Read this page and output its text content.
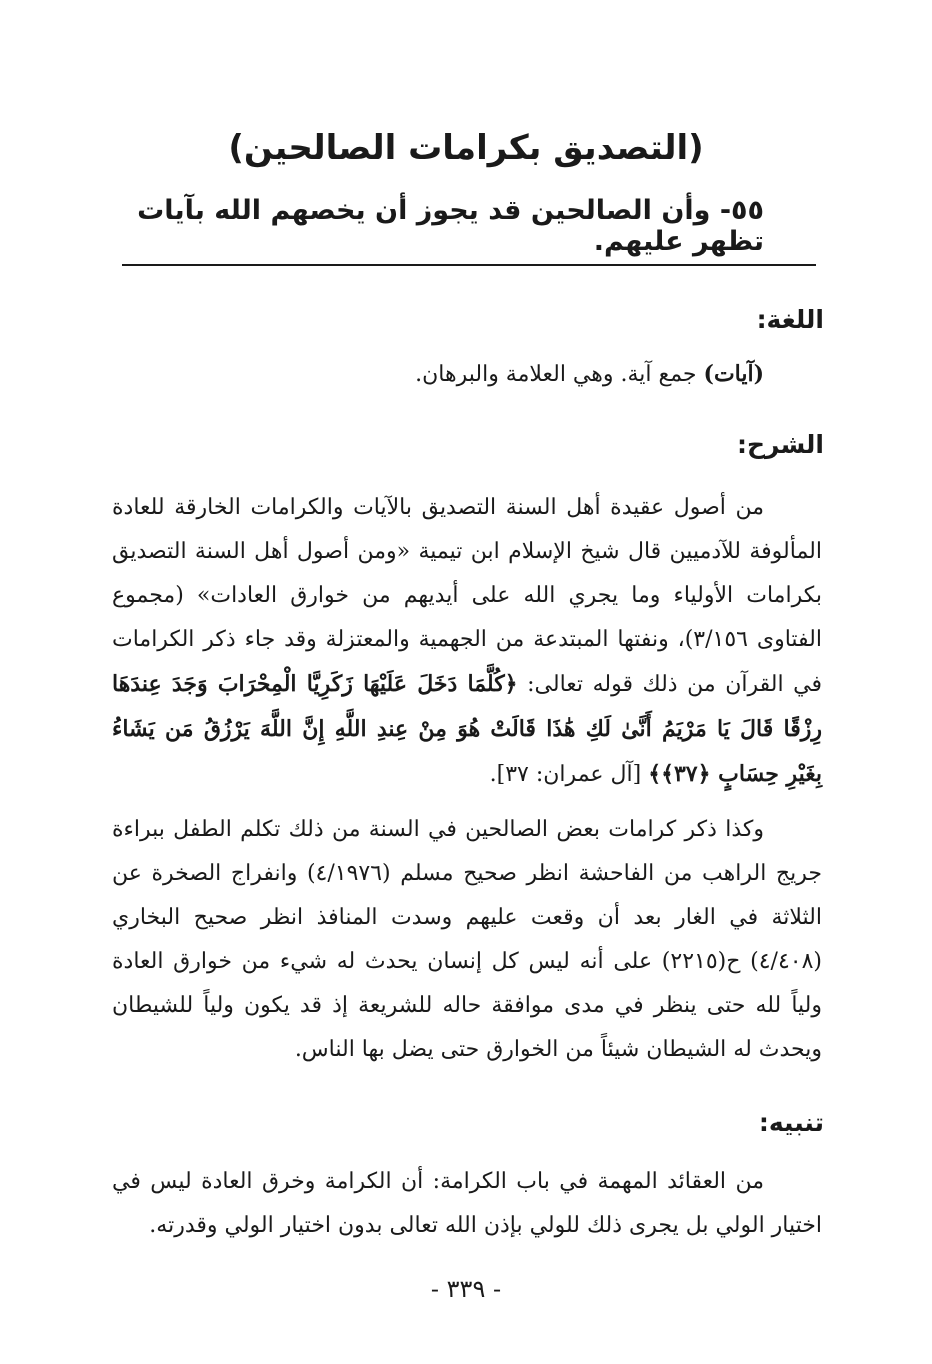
(التصديق بكرامات الصالحين)
٥٥- وأن الصالحين قد يجوز أن يخصهم الله بآيات تظهر عليهم.
اللغة:
(آيات) جمع آية. وهي العلامة والبرهان.
الشرح:
من أصول عقيدة أهل السنة التصديق بالآيات والكرامات الخارقة للعادة المألوفة للآدميين قال شيخ الإسلام ابن تيمية «ومن أصول أهل السنة التصديق بكرامات الأولياء وما يجري الله على أيديهم من خوارق العادات» (مجموع الفتاوى ٣/١٥٦)، ونفتها المبتدعة من الجهمية والمعتزلة وقد جاء ذكر الكرامات في القرآن من ذلك قوله تعالى: ﴿كُلَّمَا دَخَلَ عَلَيْهَا زَكَرِيَّا الْمِحْرَابَ وَجَدَ عِندَهَا رِزْقًا قَالَ يَا مَرْيَمُ أَنَّىٰ لَكِ هَٰذَا قَالَتْ هُوَ مِنْ عِندِ اللَّهِ إِنَّ اللَّهَ يَرْزُقُ مَن يَشَاءُ بِغَيْرِ حِسَابٍ ﴿٣٧﴾﴾ [آل عمران: ٣٧].
وكذا ذكر كرامات بعض الصالحين في السنة من ذلك تكلم الطفل ببراءة جريج الراهب من الفاحشة انظر صحيح مسلم (٤/١٩٧٦) وانفراج الصخرة عن الثلاثة في الغار بعد أن وقعت عليهم وسدت المنافذ انظر صحيح البخاري (٤/٤٠٨) ح(٢٢١٥) على أنه ليس كل إنسان يحدث له شيء من خوارق العادة ولياً لله حتى ينظر في مدى موافقة حاله للشريعة إذ قد يكون ولياً للشيطان ويحدث له الشيطان شيئاً من الخوارق حتى يضل بها الناس.
تنبيه:
من العقائد المهمة في باب الكرامة: أن الكرامة وخرق العادة ليس في اختيار الولي بل يجرى ذلك للولي بإذن الله تعالى بدون اختيار الولي وقدرته.
- ٣٣٩ -
